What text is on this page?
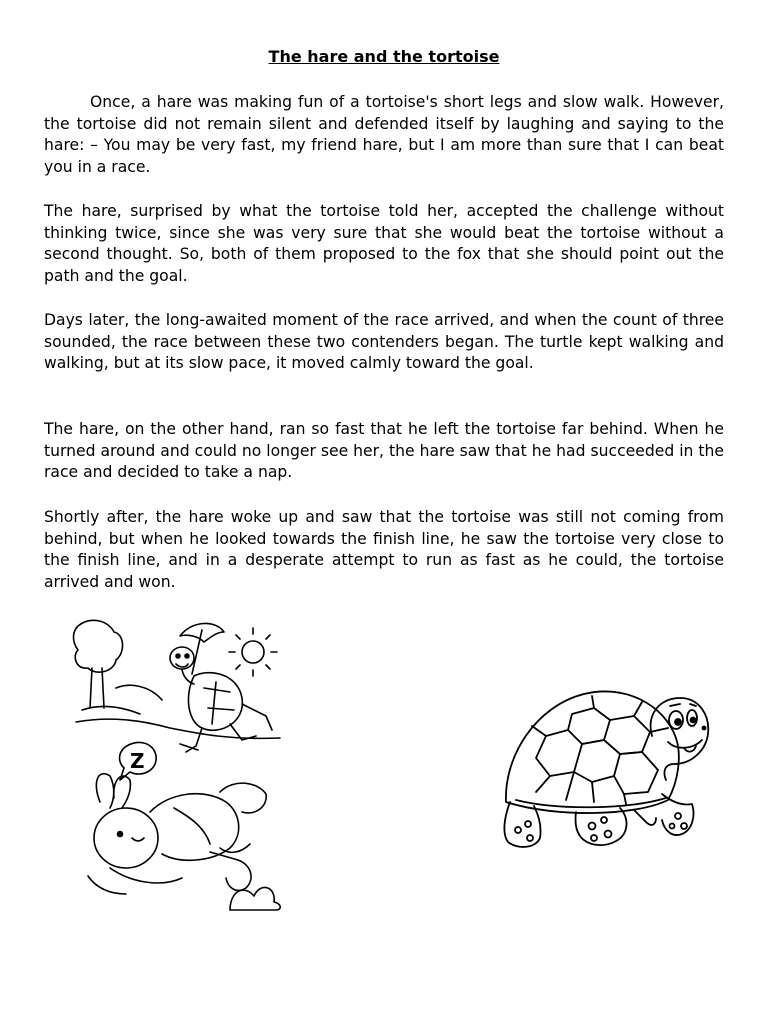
The hare and the tortoise

Once, a hare was making fun of a tortoise's short legs and slow walk. However, the tortoise did not remain silent and defended itself by laughing and saying to the hare: – You may be very fast, my friend hare, but I am more than sure that I can beat you in a race.

The hare, surprised by what the tortoise told her, accepted the challenge without thinking twice, since she was very sure that she would beat the tortoise without a second thought. So, both of them proposed to the fox that she should point out the path and the goal.

Days later, the long-awaited moment of the race arrived, and when the count of three sounded, the race between these two contenders began. The turtle kept walking and walking, but at its slow pace, it moved calmly toward the goal.

The hare, on the other hand, ran so fast that he left the tortoise far behind. When he turned around and could no longer see her, the hare saw that he had succeeded in the race and decided to take a nap.

Shortly after, the hare woke up and saw that the tortoise was still not coming from behind, but when he looked towards the finish line, he saw the tortoise very close to the finish line, and in a desperate attempt to run as fast as he could, the tortoise arrived and won.

Z
